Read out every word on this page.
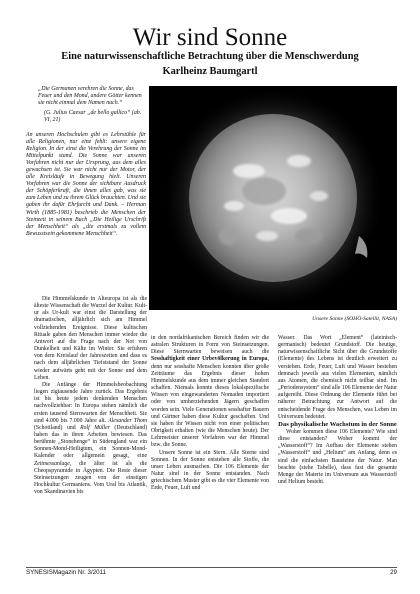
Wir sind Sonne
Eine naturwissenschaftliche Betrachtung über die Menschwerdung
Karlheinz Baumgartl
„Die Germanen verehren die Sonne, das Feuer und den Mond, andere Götter kennen sie nicht einmal dem Namen nach.“
(G. Julius Caesar „de bello gallico“ (ab. VI, 21)
An unseren Hochschulen gibt es Lehrstühle für alle Religionen, nur eine fehlt: unsere eigene Religion. In der einst die Verehrung der Sonne im Mittelpunkt stand. Die Sonne war unseren Vorfahren nicht nur der Ursprung, aus dem alles gewachsen ist. Sie war nicht nur der Motor, der alle Kreisläufe in Bewegung hielt. Unseren Vorfahren war die Sonne der sichtbare Ausdruck der Schöpferkraft, die ihnen alles gab, was sie zum Leben und zu ihrem Glück brauchten. Und sie gaben ihr dafür Ehrfurcht und Dank. – Herman Wirth (1885-1981) beschrieb die Menschen der Steinzeit in seinem Buch „Die Heilige Urschrift der Menschheit“ als „die erstmals zu vollem Bewusstsein gekommene Menschheit“.
Unsere Sonne (SOHO-Satellit, NASA)

Die Himmelskunde in Alteuropa ist als die älteste Wissenschaft die Wurzel der Kultur. Kult-ur als Ur-kult war einst die Darstellung der dramatischen, alljährlich sich am Himmel vollziehenden Ereignisse. Diese kultischen Rituale gaben den Menschen immer wieder die Antwort auf die Frage nach der Not von Dunkelheit und Kälte im Winter. Sie erfuhren von dem Kreislauf der Jahreszeiten und dass es nach dem alljährlichen Tiefststand der Sonne wieder aufwärts geht mit der Sonne und dem Leben.

Die Anfänge der Himmelsbeobachtung liegen zigtausende Jahre zurück. Das Ergebnis ist bis heute jedem denkenden Menschen nachvollziehbar: In Europa stehen nämlich die ersten tausend Sternwarten der Menschheit. Sie sind 4.000 bis 7.000 Jahre alt. Alexander Thom (Schottland) und Rolf Müller (Deutschland) haben das in ihren Arbeiten bewiesen. Das berühmte „Stonehenge“ in Südengland war ein Sonnen-Mond-Heiligtum, ein Sonnen-Mond-Kalender oder allgemein gesagt, eine Zeitmessanlage, die älter ist als die Cheopspyramide in Ägypten. Die Reste dieser Steinsetzungen zeugen von der einstigen Hochkultur Germaniens. Vom Ural bis Atlantik, von Skandinavien bis

in den nordafrikanischen Bereich finden wir die astralen Strukturen in Form von Steinsetzungen. Diese Sternwarten beweisen auch die Sesshaftigkeit einer Urbevölkerung in Europa, denn nur sesshafte Menschen konnten über große Zeiträume das Ergebnis dieser hohen Himmelskunde aus dem immer gleichen Standort schaffen. Niemals konnte dieses lokalspezifische Wissen von eingewanderten Nomaden importiert oder von umherziehenden Jägern geschaffen worden sein. Viele Generationen sesshafter Bauern und Gärtner haben diese Kultur geschaffen. Und sie haben ihr Wissen nicht von einer politischen Obrigkeit erhalten (wie die Menschen heute). Der Lehrmeister unserer Vorfahren war der Himmel bzw. die Sonne.

Unsere Sonne ist ein Stern. Alle Sterne sind Sonnen. In der Sonne entstehen alle Stoffe, die unser Leben ausmachen. Die 106 Elemente der Natur sind in der Sonne entstanden. Nach griechischem Muster gibt es die vier Elemente von Erde, Feuer, Luft und

Wasser. Das Wort „Element“ (lateinisch-germanisch) bedeutet Grundstoff. Die heutige, naturwissenschaftliche Sicht über die Grundstoffe (Elemente) des Lebens ist deutlich erweitert zu verstehen. Erde, Feuer, Luft und Wasser bestehen demnach jeweils aus vielen Elementen, nämlich aus Atomen, die chemisch nicht teilbar sind. Im „Periodensystem“ sind alle 106 Elemente der Natur aufgereiht. Diese Ordnung der Elemente führt bei näherer Betrachtung zur Antwort auf die entscheidende Frage des Menschen, was Leben im Universum bedeutet.

Das physikalische Wachstum in der Sonne

Woher kommen diese 106 Elemente? Wie sind diese entstanden? Woher kommt der „Wasserstoff“? Im Aufbau der Elemente stehen „Wasserstoff“ und „Helium“ am Anfang, denn es sind die einfachsten Bausteine der Natur. Man beachte (siehe Tabelle), dass fast die gesamte Menge der Materie im Universum aus Wasserstoff und Helium besteht.

SYNESISMagazin Nr. 3/2011	29
